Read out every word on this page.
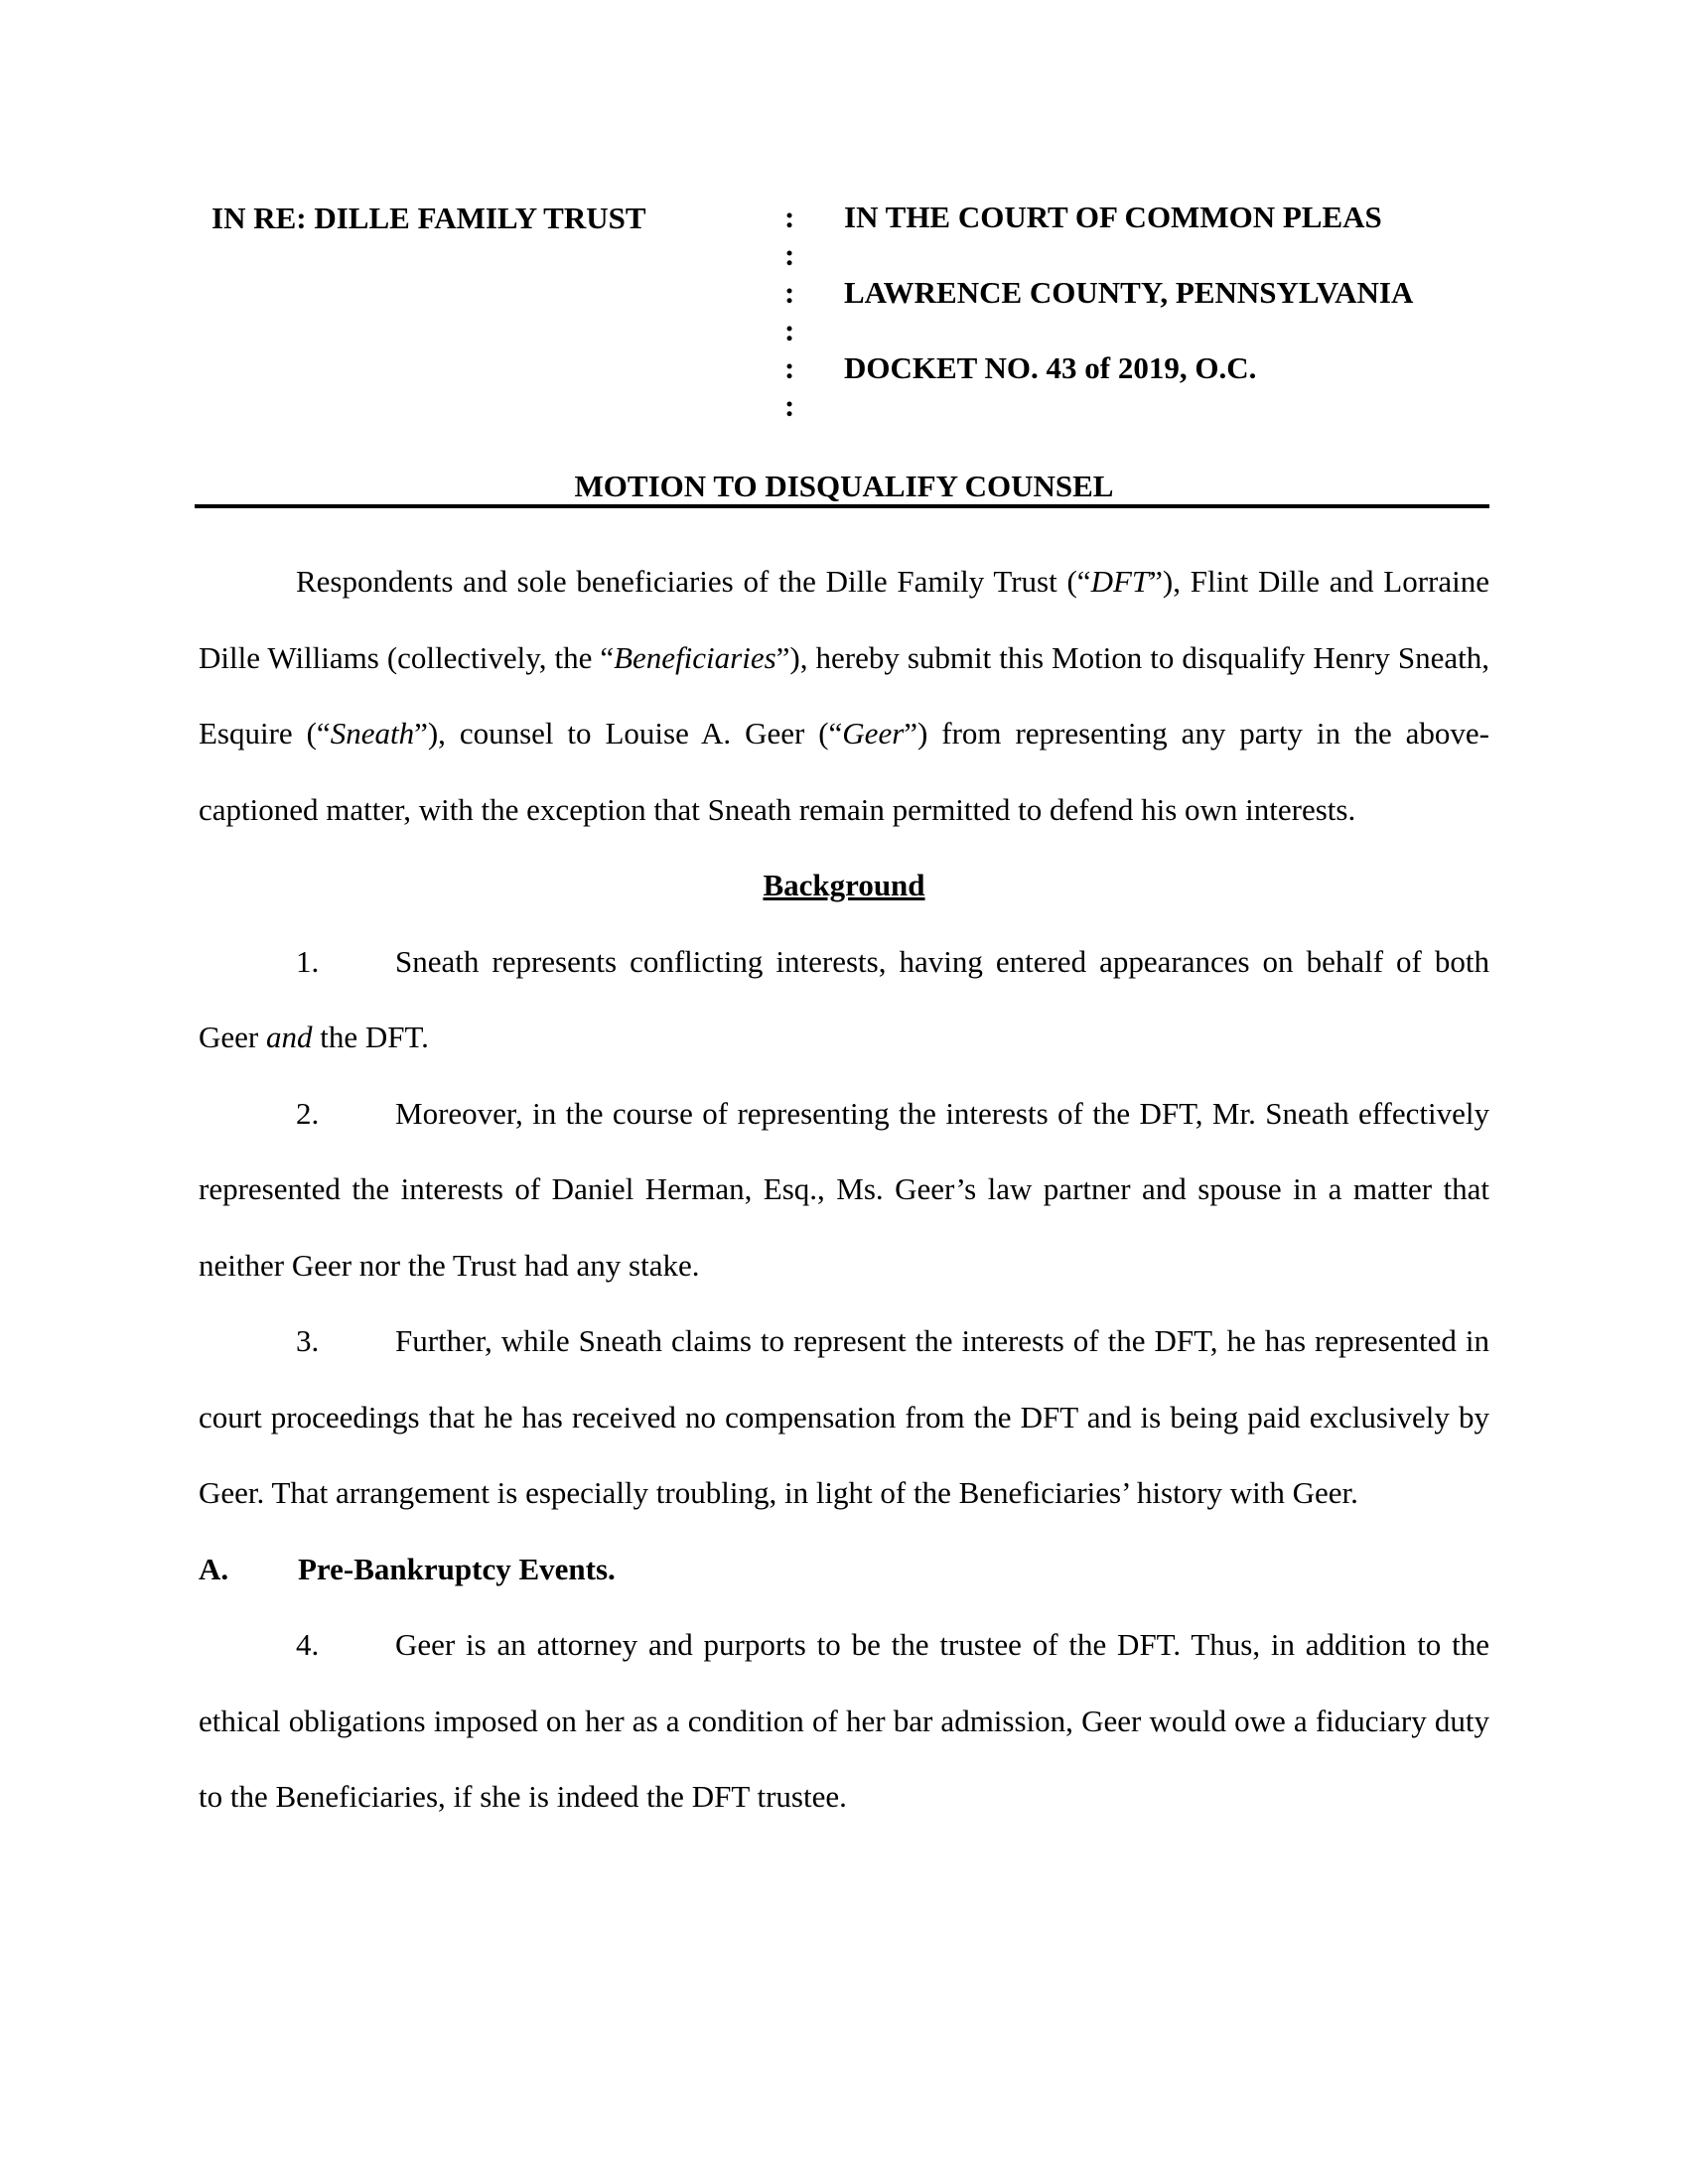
IN RE: DILLE FAMILY TRUST	:
:
:
:
:
:
IN THE COURT OF COMMON PLEAS
LAWRENCE COUNTY, PENNSYLVANIA
DOCKET NO. 43 of 2019, O.C.
MOTION TO DISQUALIFY COUNSEL

Respondents and sole beneficiaries of the Dille Family Trust (“DFT”), Flint Dille and Lorraine Dille Williams (collectively, the “Beneficiaries”), hereby submit this Motion to disqualify Henry Sneath, Esquire (“Sneath”), counsel to Louise A. Geer (“Geer”) from representing any party in the above-captioned matter, with the exception that Sneath remain permitted to defend his own interests.

Background

1. Sneath represents conflicting interests, having entered appearances on behalf of both Geer and the DFT.

2. Moreover, in the course of representing the interests of the DFT, Mr. Sneath effectively represented the interests of Daniel Herman, Esq., Ms. Geer’s law partner and spouse in a matter that neither Geer nor the Trust had any stake.

3. Further, while Sneath claims to represent the interests of the DFT, he has represented in court proceedings that he has received no compensation from the DFT and is being paid exclusively by Geer. That arrangement is especially troubling, in light of the Beneficiaries’ history with Geer.

A. Pre-Bankruptcy Events.

4. Geer is an attorney and purports to be the trustee of the DFT. Thus, in addition to the ethical obligations imposed on her as a condition of her bar admission, Geer would owe a fiduciary duty to the Beneficiaries, if she is indeed the DFT trustee.
